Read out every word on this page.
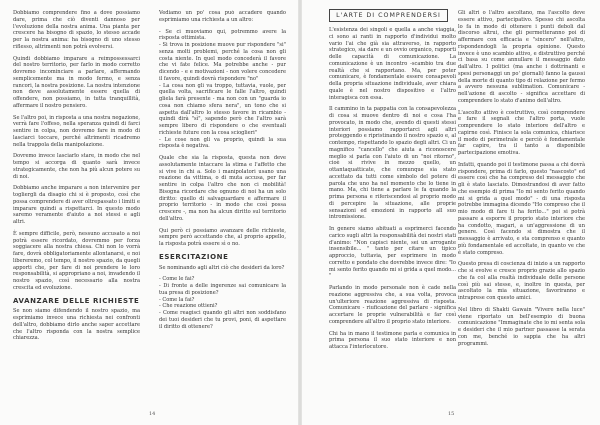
Dobbiamo comprendere fino a dove possiamo dare, prima che ciò diventi dannoso per l'evoluzione della nostra anima. Una pianta per crescere ha bisogno di spazio, lo stesso accade per la nostra anima: ha bisogno di uno stesso riflesso, altrimenti non potrà evolversi.

Quindi dobbiamo imparare a reimpossessarci del nostro territorio, per farlo in modo corretto dovremo incominciare a parlare, affermando semplicemente ma in modo fermo, e senza rancori, la nostra posizione. La nostra intenzione non deve assolutamente essere quella di offendere, non possiamo, in tutta tranquillità, affermare il nostro pensiero.

Se l'altro poi, in risposta a una nostra negazione, verrà fare l'offeso, nella speranza quindi di farci sentire in colpa, non dovremo fare in modo di lasciarci toccare, perché altrimenti ricadremo nella trappola della manipolazione.

Dovremo invece lasciarlo stare, in modo che nel tempo si accorga di quanto sarà invece strategicamente, che non ha più alcun potere su di noi.

Dobbiamo anche imparare a non intervenire per togliergli da disagio chi si è proposto, così che possa comprendere di aver oltrepassato i limiti e imparare quindi a rispettarci. In questo modo saremo veramente d'aiuto a noi stessi e agli altri.

È sempre difficile, però, nessuno accusato a noi potrà essere ricordato, dovremmo per forza soggiacere alla nostra chiesa. Chi non lo vorrà fare, dovrà obbligatoriamente allontanarsi, e noi libereremo, col tempo, il nostro spazio, da quegli apporti che, per fare di noi prendere le loro responsabilità, si appropriano a noi, invadendo il nostro spazio, così necessario alla nostra crescita ed evoluzione.

AVANZARE DELLE RICHIESTE

Se non siamo difendendo il nostro spazio, ma esprimiamo invece una richiesta nei confronti dell'altro, dobbiamo dirlo anche saper accettare che l'altro risponda con la nostra semplice chiarezza.

Vediamo un po' cosa può accadere quando esprimiamo una richiesta a un altro:

- Se ci muoviamo qui, potremmo avere la risposta ottimista.
- Si trova in posizione muove pur rispondere "si" senza molti problemi, perché la cosa non gli costa niente. In quel modo concederà il favore che vi fate felice. Ma potrebbe anche - pur dicendo - e e motivazioni - non volere concedere il favore, quindi dovrà rispondere "no"
- La cosa non gli va troppo, tuttavia, vuole, per quella volta, sacrificare le falle l'altro, quindi gliela farà presente - ma non con un "guarda io cosa non chiamo sfera nera", un tono che si aspetta dall'altro lo stesso favore in ricambio - quindi dirà "sì", sapendo però che l'altro sarà sempre libero di rispondere o che eventuali richieste future con la cosa scioglieri"
- Le cose non gli va proprio, quindi la sua risposta è negativa.

Quale che sia la risposta, questa non deve assolutamente intaccare la stima e l'affetto che si vive in chi a. Solo i manipolatori usano una reazione da vittima, o di muta accusa, per far sentire in colpa l'altro che non ci mobilità! Bisogna ricordare che ognuno di noi ha un solo diritto: quello di salvaguardare e affermare il proprio territorio - in modo che così possa crescere -, ma non ha alcun diritto sul territorio dell'altro.

Qui però ci possiamo avanzare delle richieste, sempre però accettando che, al proprio appello, la risposta potrà essere sì o no.

ESERCITAZIONE

Se nominando agli altri ciò che desideri da loro?

- Come le fai?
- Di fronte a delle ingerenze sai comunicare la tua presa di posizione?
- Come la fai?
- Che reazione ottieni?
- Come reagisci quando gli altri non soddisfano dei tuoi desideri che tu provi, poni, di aspettare il diritto di ottenere?
14
L'ARTE DI COMPRENDERSI

L'esistenza dei singoli e quella a anche viaggia, ci sono ai ranti in rapporto d'individui molto vario l'ai che già sia attraverso, in rapporto strategico, sia dare e un ovvio organico, rapporti delle capacità di comunicazione. La comunicazione è un incontro -scambio tra due realtà che si rapportano. Ma, per poter comunicare, è fondamentale essere consapevoli della propria situazione individuale, aver chiara quale è nel nostro dispositivo e l'altro interagisca con essa.

Il cammino in ta pappatia con la consapevolezza di cosa si muove dentro di noi e cosa l'ha provocato, in modo che, avendo di questi stessi interiori possiamo rapportarci agli altri proteggendo e ripristinando il nostro spazio e, al contempo, rispettando lo spazio degli altri. Ci un magnifico "cancello" che aiuta a riconoscere meglio si parla con l'aiuto di un "noi ritorno", cioè si rivive in mezzo quello, un ottantaquatticate, che comunque sia stato accettato da tutti come simbolo del potere di parola che uno ha nel momento che lo tiene in mano. Ma, chi tiene a parlare le fa quando la prima persona e riferiscendosi al proprio modo di percepire la situazione, alle proprie sensazioni ed emozioni in rapporto all suo intromissione.

In genere siamo abituati a esprimerci facendo carico sugli altri la responsabilità dei nostri stati d'animo: "Non capisci niente, sei un arrogante insensibile... " tanto per citare un tipico approccio, tuttavia, per esprimere in modo corretto e pondato che dovrebbe invece dire: "Io mi sento ferito quando mi si grida a quel modo... "

Parlando in modo personale non è cade nella reazione aggressiva che, a sua volta, provoca un'ulteriore reazione aggressiva di risposta. Comunicare - riuficazione del parlare - significa accertare le proprie vulnerabilità e far così comprendere all'altro il proprio stato interiore.

Chi ha in mano il testimone parla e comunica in prima persona il suo stato interiore e non attacca l'interlocutore.

Gli altri o l'altro ascoltano, ma l'ascolto deve essere attivo, partecipativo. Spesso chi ascolta lo fa in modo di ottenere i punti deboli dal discorso altrui, che gli permetteranno poi di affermare con efficacia e "sincero" nell'altro, rispondendogli la propria opinione. Questo invece è uno scambio attivo, e distruttivo perché ci basa su come annullare il messaggio dato dall'altro. I politici (ma anche i dottrinanti e spesi personaggi un po' giornali) fanno la gaussi della morte di quanto tipo di relazione per fermo a avvero nessuna sublimation. Comunicare - nell'azione di ascolto - significa accettare di comprendere lo stato d'animo dell'altro.

L'ascolto attivo è costruttivo, così comprendere e fare il segnali che l'altro porta, vuole comprendere lo stato interiore dell'altro e capirne così. Finisce la sola comunica, chiarisce il modo di perimetrale e perciò è fondamentale far capire, tra il tanto a disponibile partecipazione emotiva.

Infatti, quando poi il testimone passa a chi dovrà rispondere, prima di farlo, questo "nascosto" ed essere così che ha compreso del messaggio che gli è stato lasciato. Dimostrandosi di aver fatto che esempio di prima "Io mi sento ferito quando mi si grida a quel modo" - di una risposta potrebbe immagina dicendo "Ho compreso che il mio modo di fare ti ha ferito..." poi si potrà passare a esporre il proprio stato interiore che ha condotto, magari, a un'aggressione di un genere. Così facendo si dimostra che il messaggio è arrivato, e sta comprenso e quanto più fondamentale ed accoltate, in quanto ve che è stato compreso.

Questo presa di coscienza di inizio a un rapporto che si evolve e cresce proprio grazie allo spazio che fa col alla realtà individuale delle persone così più sai stesse, e, inoltre in questa, per ascoltato la mia situazione, favoriranno e intraprese con questo amici.

Nel libro di Shakti Gawain "Vivere nella luce" viene riportato un bell'esempio di buona comunicazione "Immaginate che io mi senta sola e desideri che il mio partner passasse la serata con me, benché io sappia che ha altri programmi.

15
